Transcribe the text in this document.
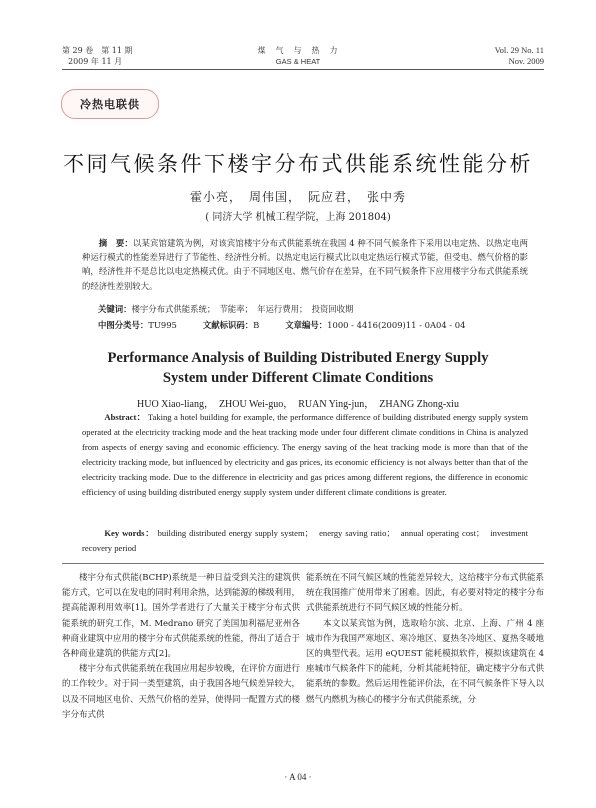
第 29 卷　第 11 期
2009 年 11 月
煤　气　与　热　力
GAS & HEAT
Vol. 29 No. 11
Nov. 2009
冷热电联供
不同气候条件下楼宇分布式供能系统性能分析
霍小亮，　周伟国，　阮应君，　张中秀
( 同济大学 机械工程学院，上海 201804)
摘　要：以某宾馆建筑为例，对该宾馆楼宇分布式供能系统在我国 4 种不同气候条件下采用以电定热、以热定电两种运行模式的性能差异进行了节能性、经济性分析。以热定电运行模式比以电定热运行模式节能，但受电、燃气价格的影响，经济性并不是总比以电定热模式优。由于不同地区电、燃气价存在差异，在不同气候条件下应用楼宇分布式供能系统的经济性差别较大。
关键词：楼宇分布式供能系统；　节能率；　年运行费用；　投资回收期
中图分类号：TU995	文献标识码：B	文章编号：1000 - 4416(2009)11 - 0A04 - 04
Performance Analysis of Building Distributed Energy Supply
System under Different Climate Conditions
HUO Xiao-liang，　ZHOU Wei-guo，　RUAN Ying-jun，　ZHANG Zhong-xiu
Abstract： Taking a hotel building for example, the performance difference of building distributed energy supply system operated at the electricity tracking mode and the heat tracking mode under four different climate conditions in China is analyzed from aspects of energy saving and economic efficiency. The energy saving of the heat tracking mode is more than that of the electricity tracking mode, but influenced by electricity and gas prices, its economic efficiency is not always better than that of the electricity tracking mode. Due to the difference in electricity and gas prices among different regions, the difference in economic efficiency of using building distributed energy supply system under different climate conditions is greater.
Key words： building distributed energy supply system；　energy saving ratio；　annual operating cost；　investment recovery period

楼宇分布式供能(BCHP)系统是一种日益受到关注的建筑供能方式，它可以在发电的同时利用余热，达到能源的梯级利用，提高能源利用效率[1]。国外学者进行了大量关于楼宇分布式供能系统的研究工作，M. Medrano 研究了美国加利福尼亚州各种商业建筑中应用的楼宇分布式供能系统的性能，得出了适合于各种商业建筑的供能方式[2]。

楼宇分布式供能系统在我国应用起步较晚，在评价方面进行的工作较少。对于同一类型建筑，由于我国各地气候差异较大，以及不同地区电价、天然气价格的差异，使得同一配置方式的楼宇分布式供

能系统在不同气候区域的性能差异较大，这给楼宇分布式供能系统在我国推广使用带来了困难。因此，有必要对特定的楼宇分布式供能系统进行不同气候区域的性能分析。

本文以某宾馆为例，选取哈尔滨、北京、上海、广州 4 座城市作为我国严寒地区、寒冷地区、夏热冬冷地区、夏热冬暖地区的典型代表。运用 eQUEST 能耗模拟软件，模拟该建筑在 4 座城市气候条件下的能耗，分析其能耗特征，确定楼宇分布式供能系统的参数。然后运用性能评价法，在不同气候条件下导入以燃气内燃机为核心的楼宇分布式供能系统，分

· A 04 ·
